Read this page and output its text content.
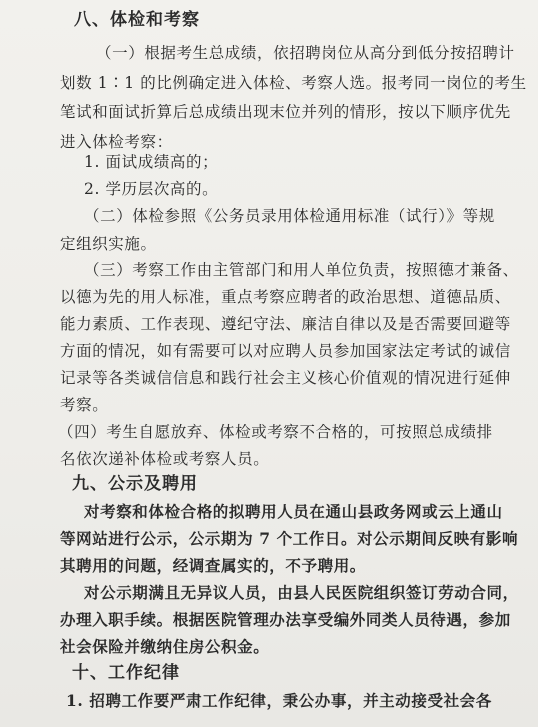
八、体检和考察
（一）根据考生总成绩，依招聘岗位从高分到低分按招聘计
划数 1∶1 的比例确定进入体检、考察人选。报考同一岗位的考生
笔试和面试折算后总成绩出现末位并列的情形，按以下顺序优先
进入体检考察：
1. 面试成绩高的；
2. 学历层次高的。
（二）体检参照《公务员录用体检通用标准（试行）》等规
定组织实施。
（三）考察工作由主管部门和用人单位负责，按照德才兼备、
以德为先的用人标准，重点考察应聘者的政治思想、道德品质、
能力素质、工作表现、遵纪守法、廉洁自律以及是否需要回避等
方面的情况，如有需要可以对应聘人员参加国家法定考试的诚信
记录等各类诚信信息和践行社会主义核心价值观的情况进行延伸
考察。
（四）考生自愿放弃、体检或考察不合格的，可按照总成绩排
名依次递补体检或考察人员。
九、公示及聘用
对考察和体检合格的拟聘用人员在通山县政务网或云上通山
等网站进行公示，公示期为 7 个工作日。对公示期间反映有影响
其聘用的问题，经调查属实的，不予聘用。
对公示期满且无异议人员，由县人民医院组织签订劳动合同，
办理入职手续。根据医院管理办法享受编外同类人员待遇，参加
社会保险并缴纳住房公积金。
十、工作纪律
1. 招聘工作要严肃工作纪律，秉公办事，并主动接受社会各
